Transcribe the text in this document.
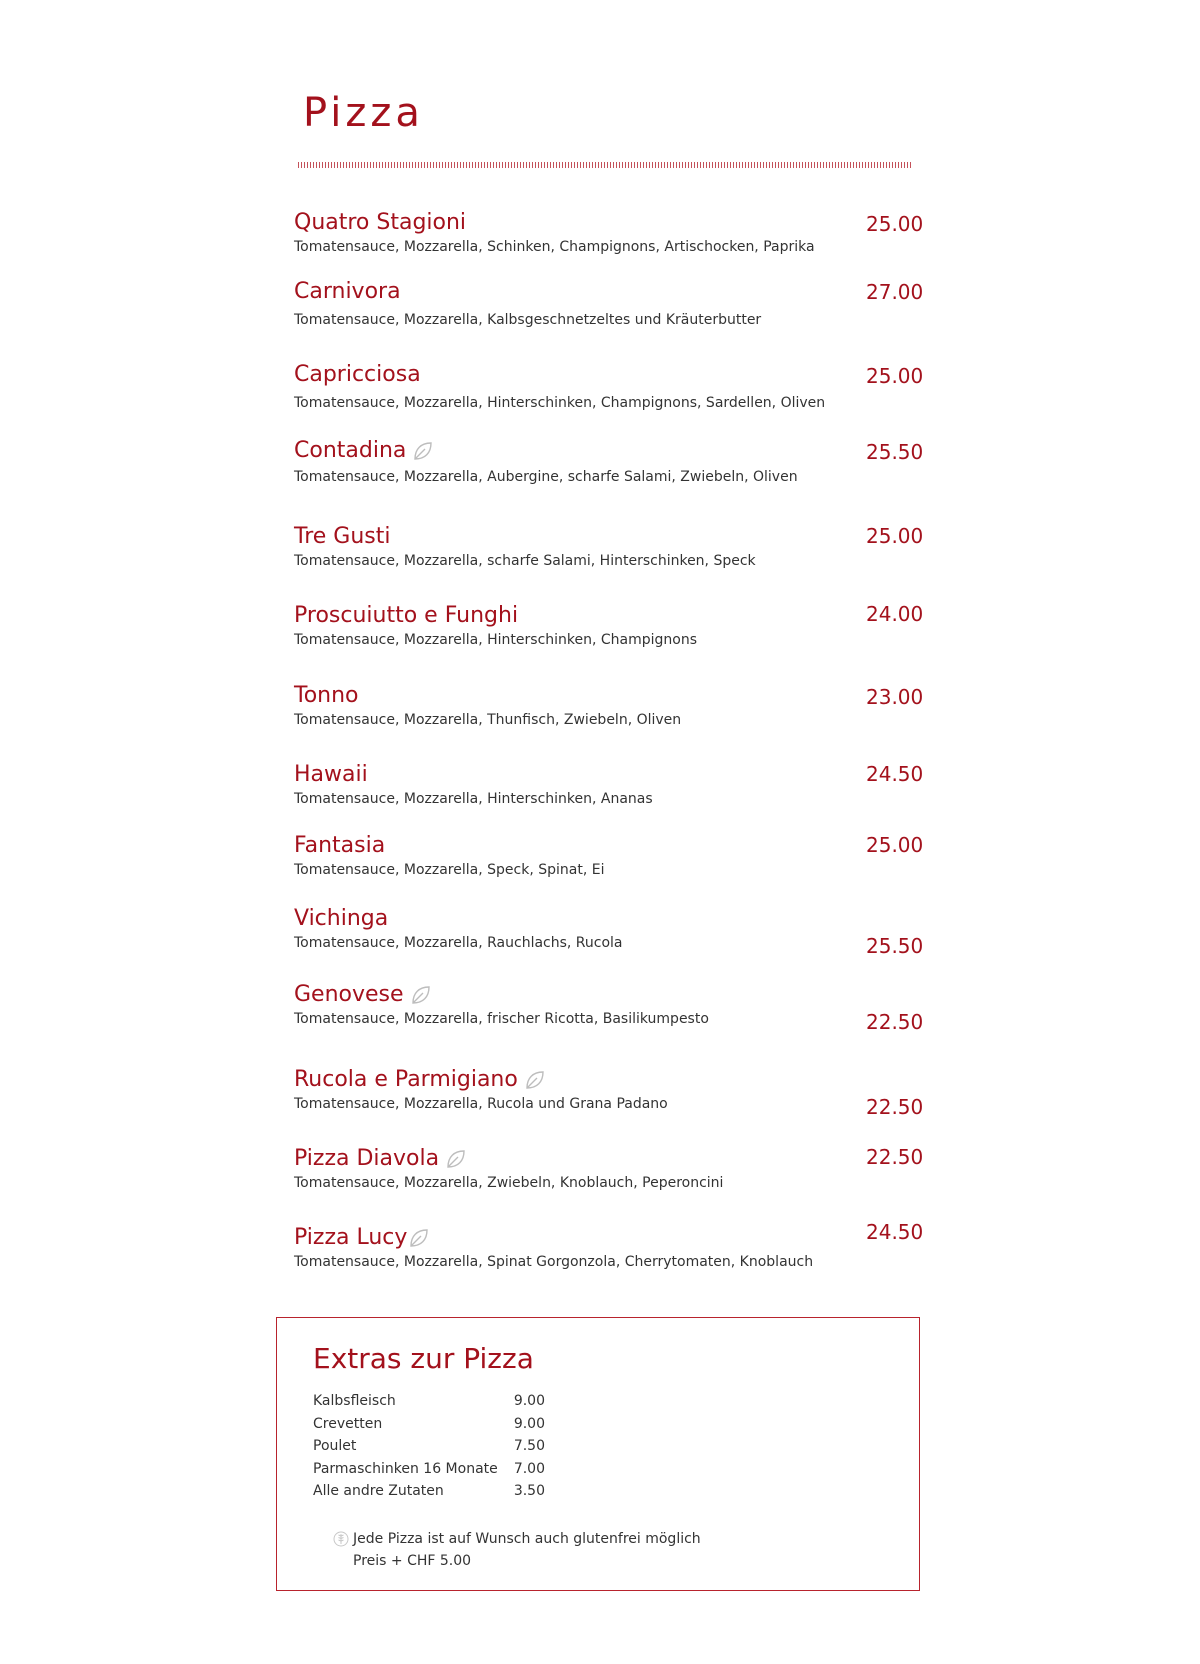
Pizza
Quatro Stagioni
Tomatensauce, Mozzarella, Schinken, Champignons, Artischocken, Paprika
25.00
Carnivora
Tomatensauce, Mozzarella, Kalbsgeschnetzeltes und Kräuterbutter
27.00
Capricciosa
Tomatensauce, Mozzarella, Hinterschinken, Champignons, Sardellen, Oliven
25.00
Contadina
Tomatensauce, Mozzarella, Aubergine, scharfe Salami, Zwiebeln, Oliven
25.50
Tre Gusti
Tomatensauce, Mozzarella, scharfe Salami, Hinterschinken, Speck
25.00
Proscuiutto e Funghi
Tomatensauce, Mozzarella, Hinterschinken, Champignons
24.00
Tonno
Tomatensauce, Mozzarella, Thunfisch, Zwiebeln, Oliven
23.00
Hawaii
Tomatensauce, Mozzarella, Hinterschinken, Ananas
24.50
Fantasia
Tomatensauce, Mozzarella, Speck, Spinat, Ei
25.00
Vichinga
Tomatensauce, Mozzarella, Rauchlachs, Rucola	25.50
Genovese
Tomatensauce, Mozzarella, frischer Ricotta, Basilikumpesto	22.50
Rucola e Parmigiano
Tomatensauce, Mozzarella, Rucola und Grana Padano	22.50
Pizza Diavola
Tomatensauce, Mozzarella, Zwiebeln, Knoblauch, Peperoncini
22.50
Pizza Lucy
Tomatensauce, Mozzarella, Spinat Gorgonzola, Cherrytomaten, Knoblauch
24.50
Extras zur Pizza
Kalbsfleisch	9.00
Crevetten	9.00
Poulet	7.50
Parmaschinken 16 Monate	7.00
Alle andre Zutaten	3.50
Jede Pizza ist auf Wunsch auch glutenfrei möglich
Preis + CHF 5.00
